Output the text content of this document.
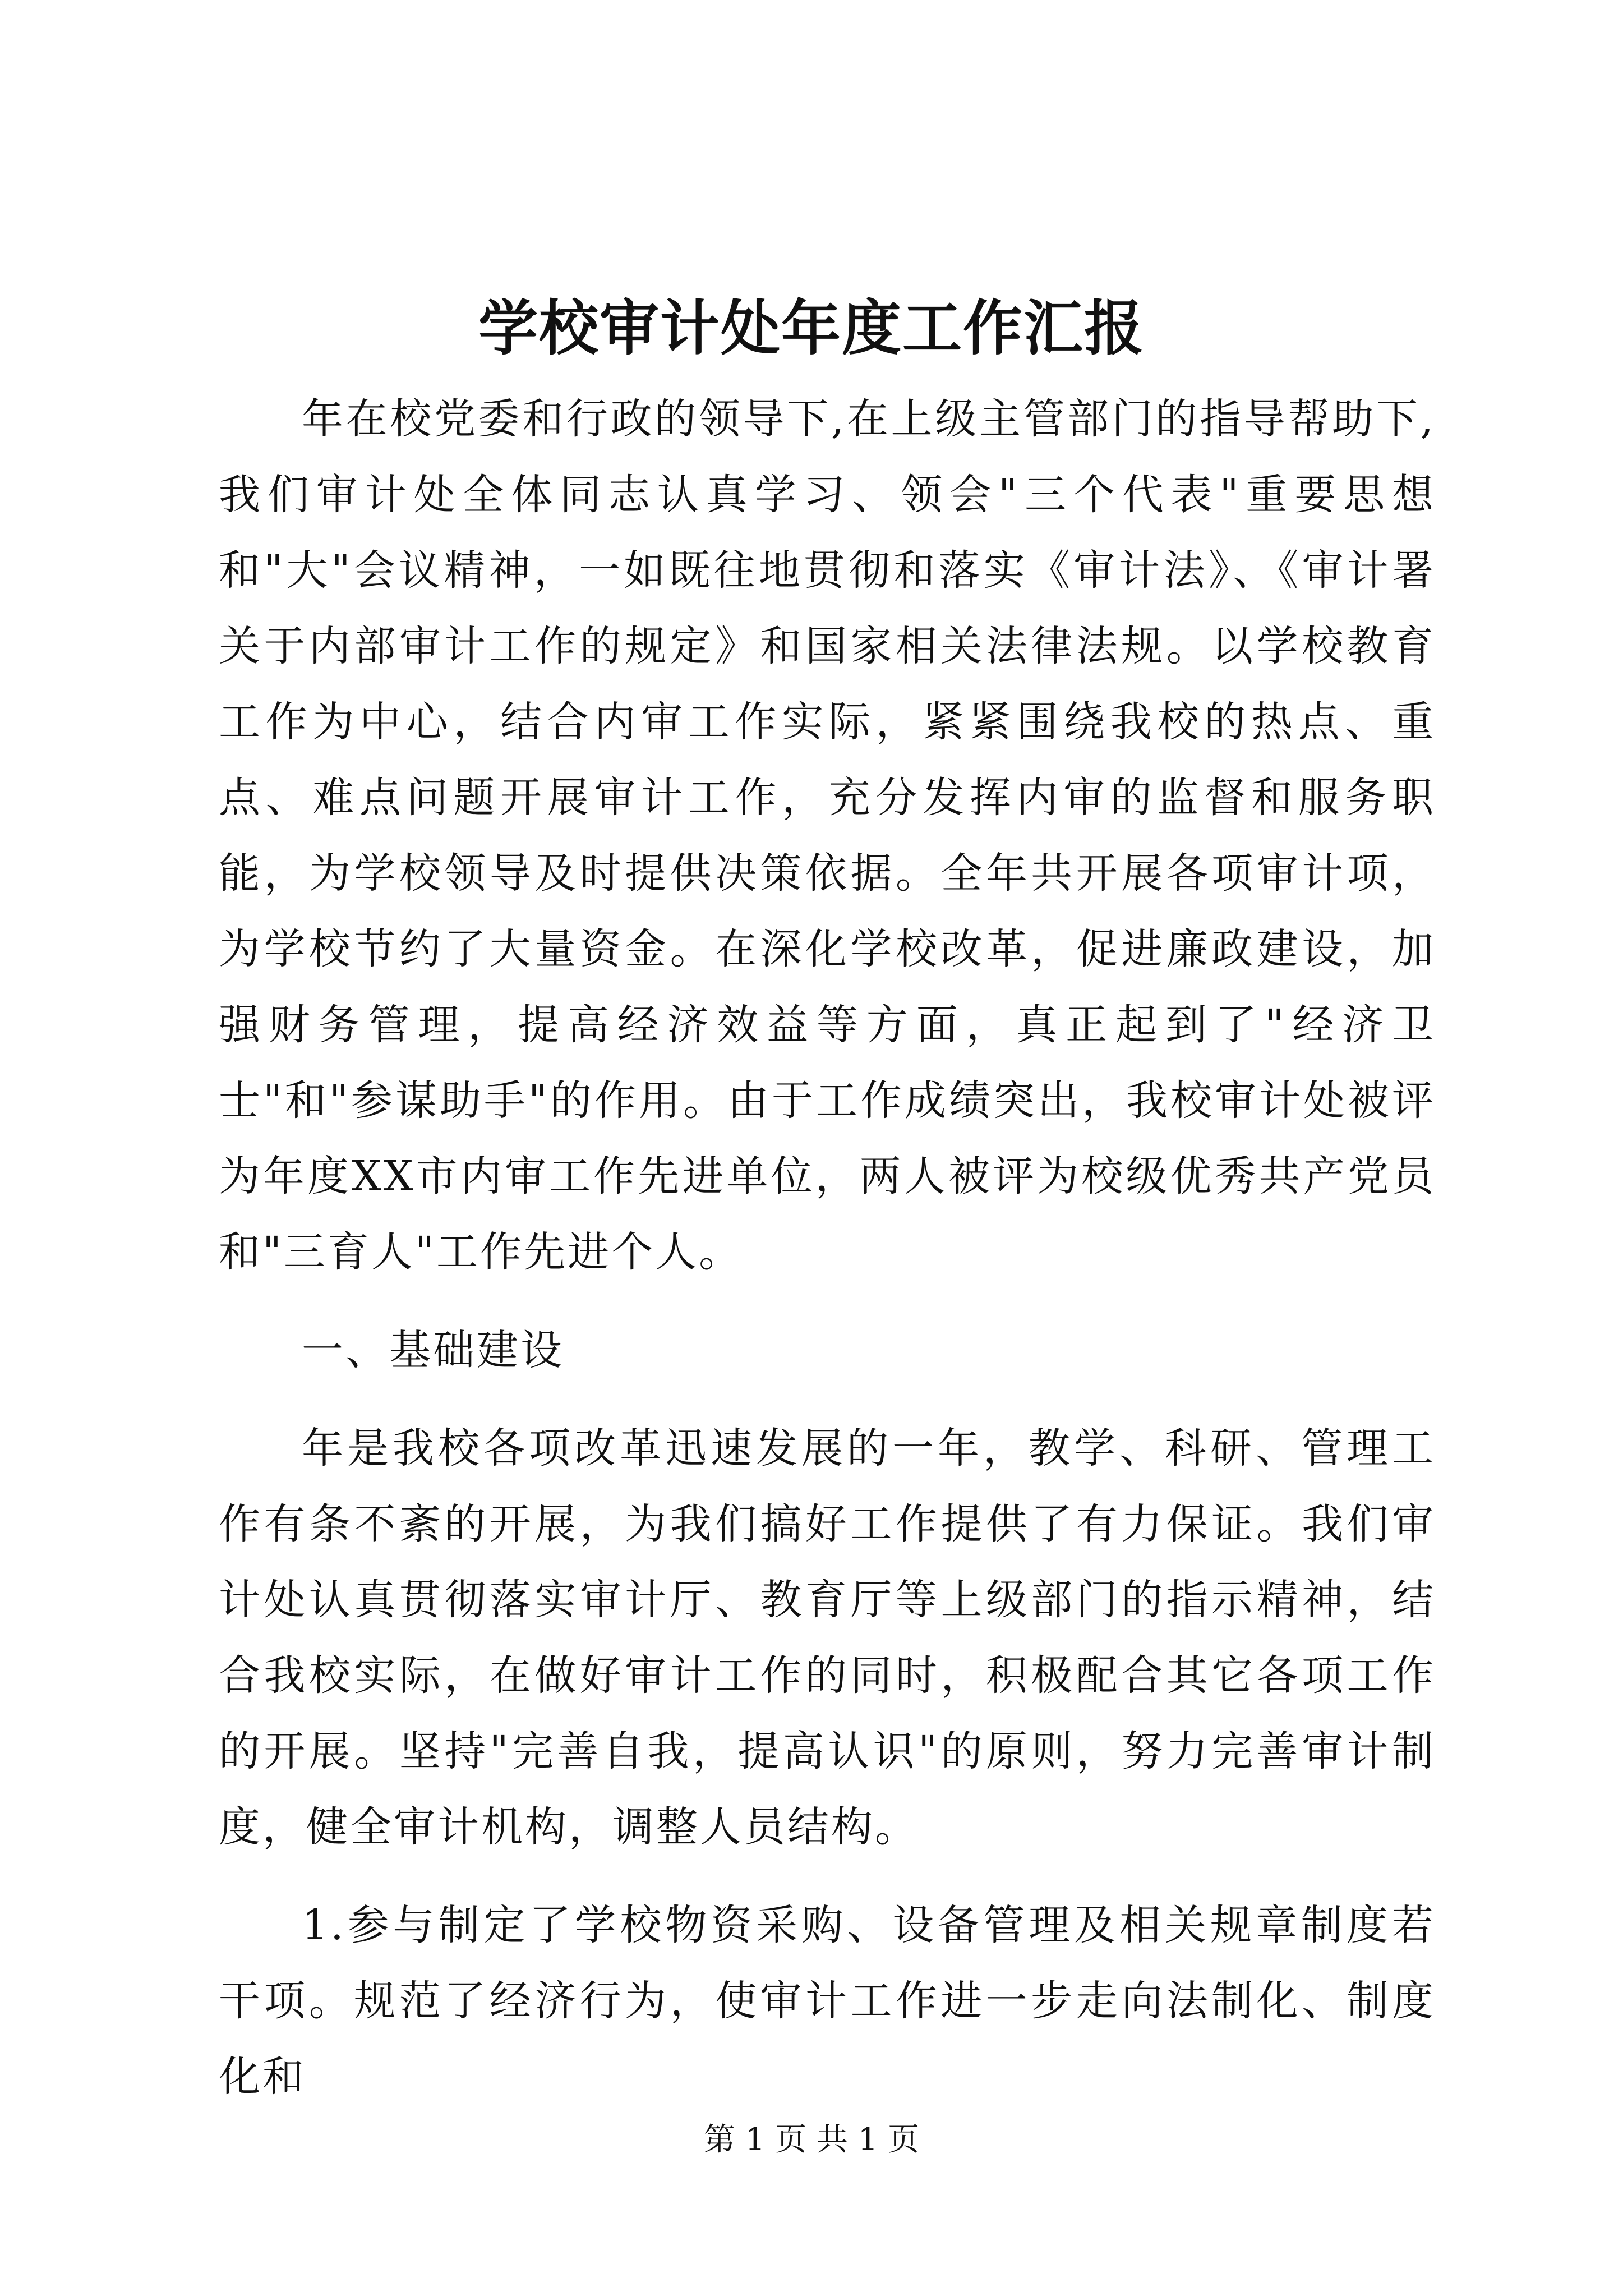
学校审计处年度工作汇报

年在校党委和行政的领导下,在上级主管部门的指导帮助下,我们审计处全体同志认真学习、领会"三个代表"重要思想和"大"会议精神，一如既往地贯彻和落实《审计法》、《审计署关于内部审计工作的规定》和国家相关法律法规。以学校教育工作为中心，结合内审工作实际，紧紧围绕我校的热点、重点、难点问题开展审计工作，充分发挥内审的监督和服务职能，为学校领导及时提供决策依据。全年共开展各项审计项，为学校节约了大量资金。在深化学校改革，促进廉政建设，加强财务管理，提高经济效益等方面，真正起到了"经济卫士"和"参谋助手"的作用。由于工作成绩突出，我校审计处被评为年度XX市内审工作先进单位，两人被评为校级优秀共产党员和"三育人"工作先进个人。

一、基础建设

年是我校各项改革迅速发展的一年，教学、科研、管理工作有条不紊的开展，为我们搞好工作提供了有力保证。我们审计处认真贯彻落实审计厅、教育厅等上级部门的指示精神，结合我校实际，在做好审计工作的同时，积极配合其它各项工作的开展。坚持"完善自我，提高认识"的原则，努力完善审计制度，健全审计机构，调整人员结构。

1.参与制定了学校物资采购、设备管理及相关规章制度若干项。规范了经济行为，使审计工作进一步走向法制化、制度化和

第 1 页 共 1 页
